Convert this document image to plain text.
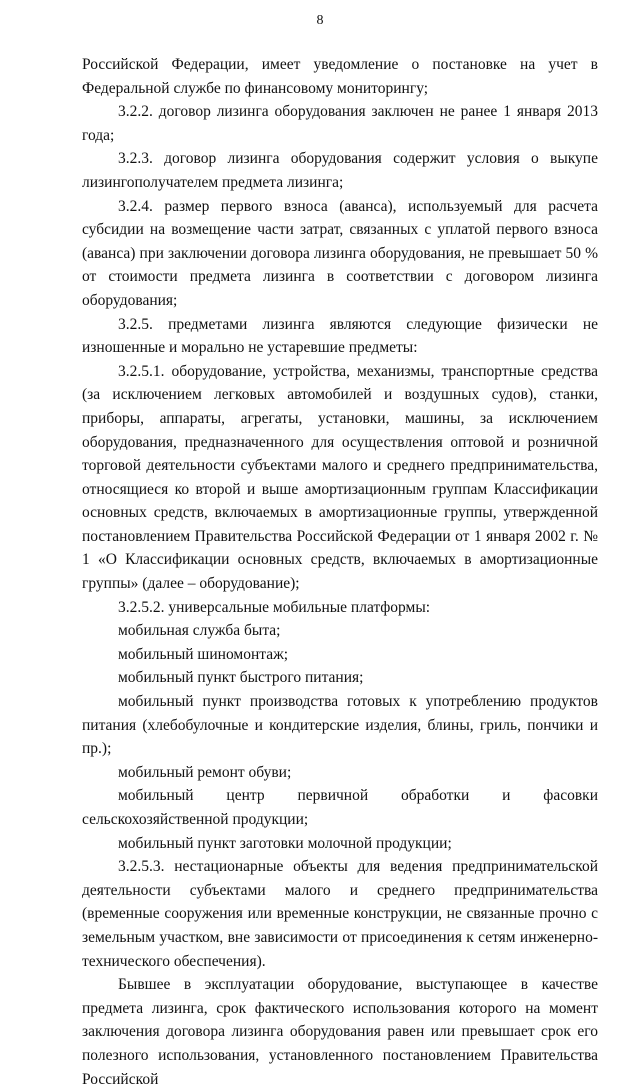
8

Российской Федерации, имеет уведомление о постановке на учет в Федеральной службе по финансовому мониторингу;

3.2.2. договор лизинга оборудования заключен не ранее 1 января 2013 года;

3.2.3. договор лизинга оборудования содержит условия о выкупе лизингополучателем предмета лизинга;

3.2.4. размер первого взноса (аванса), используемый для расчета субсидии на возмещение части затрат, связанных с уплатой первого взноса (аванса) при заключении договора лизинга оборудования, не превышает 50 % от стоимости предмета лизинга в соответствии с договором лизинга оборудования;

3.2.5. предметами лизинга являются следующие физически не изношенные и морально не устаревшие предметы:

3.2.5.1. оборудование, устройства, механизмы, транспортные средства (за исключением легковых автомобилей и воздушных судов), станки, приборы, аппараты, агрегаты, установки, машины, за исключением оборудования, предназначенного для осуществления оптовой и розничной торговой деятельности субъектами малого и среднего предпринимательства, относящиеся ко второй и выше амортизационным группам Классификации основных средств, включаемых в амортизационные группы, утвержденной постановлением Правительства Российской Федерации от 1 января 2002 г. № 1 «О Классификации основных средств, включаемых в амортизационные группы» (далее – оборудование);

3.2.5.2. универсальные мобильные платформы:

мобильная служба быта;

мобильный шиномонтаж;

мобильный пункт быстрого питания;

мобильный пункт производства готовых к употреблению продуктов питания (хлебобулочные и кондитерские изделия, блины, гриль, пончики и пр.);

мобильный ремонт обуви;

мобильный центр первичной обработки и фасовки сельскохозяйственной продукции;

мобильный пункт заготовки молочной продукции;

3.2.5.3. нестационарные объекты для ведения предпринимательской деятельности субъектами малого и среднего предпринимательства (временные сооружения или временные конструкции, не связанные прочно с земельным участком, вне зависимости от присоединения к сетям инженерно-технического обеспечения).

Бывшее в эксплуатации оборудование, выступающее в качестве предмета лизинга, срок фактического использования которого на момент заключения договора лизинга оборудования равен или превышает срок его полезного использования, установленного постановлением Правительства Российской
